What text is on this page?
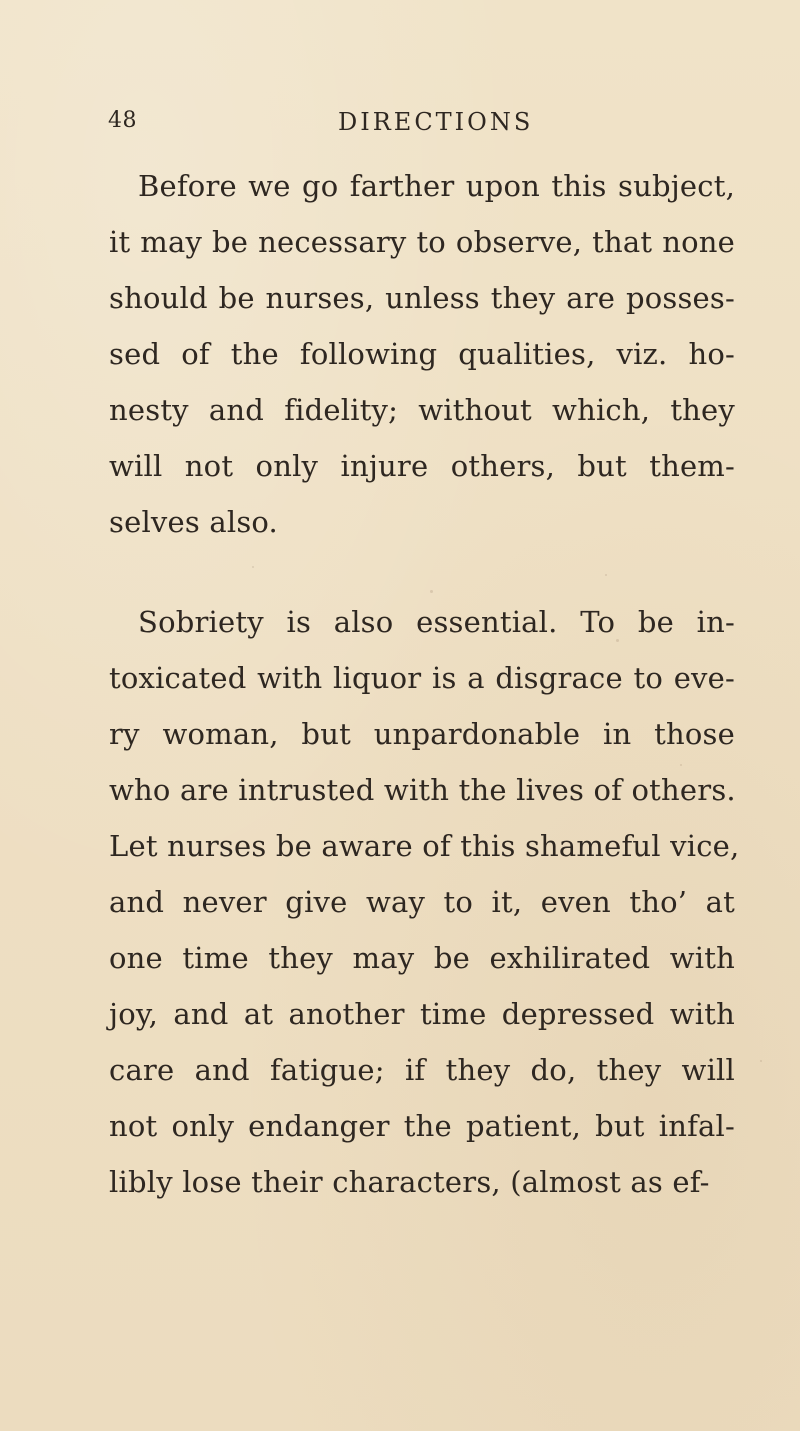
48	DIRECTIONS
Before we go farther upon this subject,
it may be necessary to observe, that none
should be nurses, unless they are posses-
sed of the following qualities, viz. ho-
nesty and fidelity; without which, they
will not only injure others, but them-
selves also.
Sobriety is also essential. To be in-
toxicated with liquor is a disgrace to eve-
ry woman, but unpardonable in those
who are intrusted with the lives of others.
Let nurses be aware of this shameful vice,
and never give way to it, even tho’ at
one time they may be exhilirated with
joy, and at another time depressed with
care and fatigue; if they do, they will
not only endanger the patient, but infal-
libly lose their characters, (almost as ef-
